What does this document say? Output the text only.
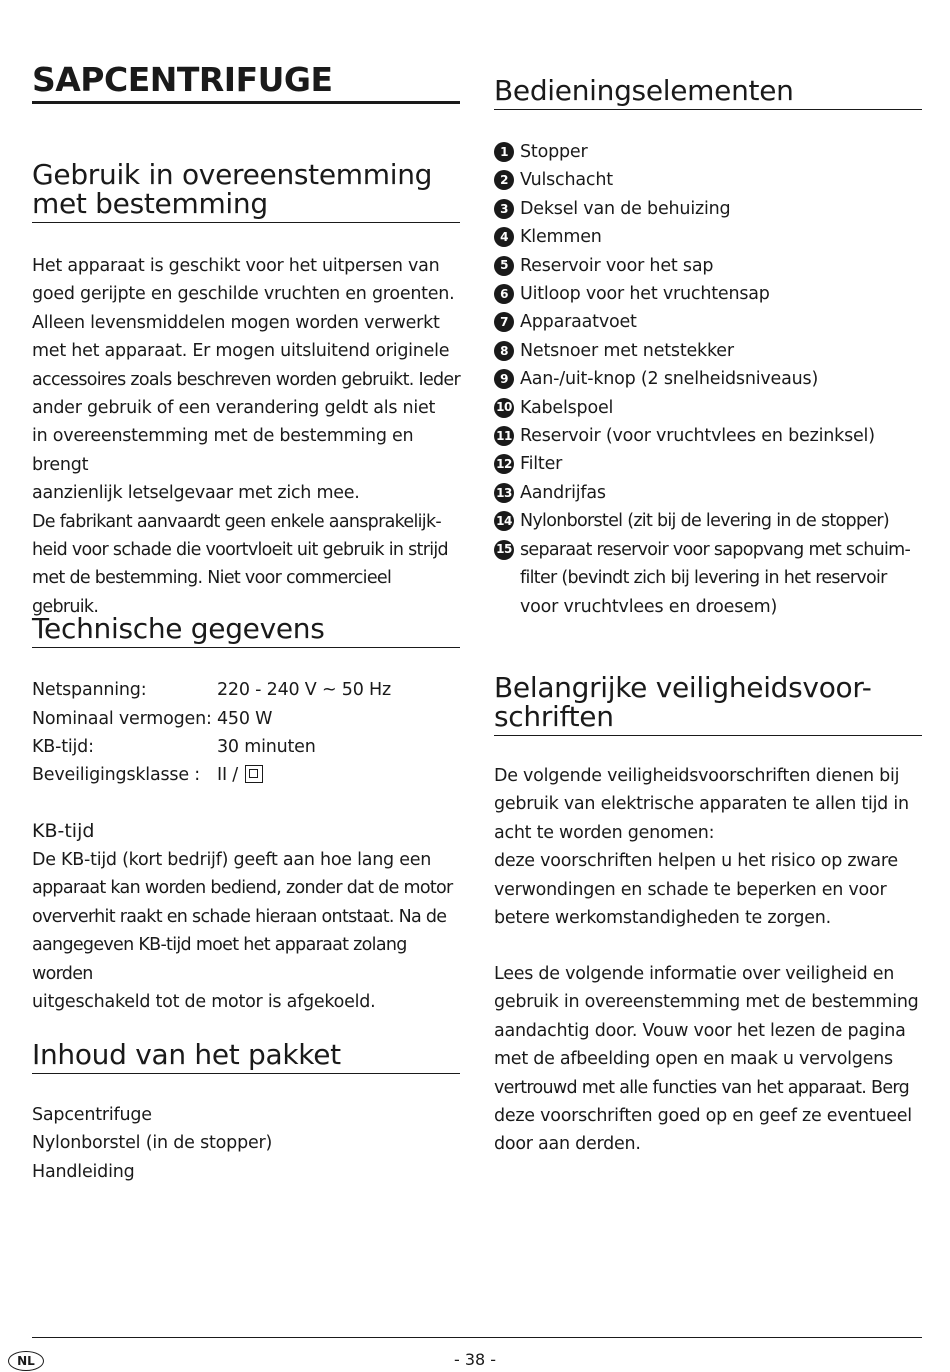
SAPCENTRIFUGE
Gebruik in overeenstemming
met bestemming
Het apparaat is geschikt voor het uitpersen van
goed gerijpte en geschilde vruchten en groenten.
Alleen levensmiddelen mogen worden verwerkt
met het apparaat. Er mogen uitsluitend originele
accessoires zoals beschreven worden gebruikt. Ieder
ander gebruik of een verandering geldt als niet
in overeenstemming met de bestemming en brengt
aanzienlijk letselgevaar met zich mee.
De fabrikant aanvaardt geen enkele aansprakelijk-
heid voor schade die voortvloeit uit gebruik in strijd
met de bestemming. Niet voor commercieel gebruik.
Technische gegevens
Netspanning:	220 - 240 V ~ 50 Hz
Nominaal vermogen: 450 W
KB-tijd:	30 minuten
Beveiligingsklasse : II /
KB-tijd
De KB-tijd (kort bedrijf) geeft aan hoe lang een
apparaat kan worden bediend, zonder dat de motor
oververhit raakt en schade hieraan ontstaat. Na de
aangegeven KB-tijd moet het apparaat zolang worden
uitgeschakeld tot de motor is afgekoeld.
Inhoud van het pakket
Sapcentrifuge
Nylonborstel (in de stopper)
Handleiding
Bedieningselementen
1 Stopper
2 Vulschacht
3 Deksel van de behuizing
4 Klemmen
5 Reservoir voor het sap
6 Uitloop voor het vruchtensap
7 Apparaatvoet
8 Netsnoer met netstekker
9 Aan-/uit-knop (2 snelheidsniveaus)
10 Kabelspoel
11 Reservoir (voor vruchtvlees en bezinksel)
12 Filter
13 Aandrijfas
14 Nylonborstel (zit bij de levering in de stopper)
15 separaat reservoir voor sapopvang met schuim-
filter (bevindt zich bij levering in het reservoir
voor vruchtvlees en droesem)
Belangrijke veiligheidsvoor-
schriften
De volgende veiligheidsvoorschriften dienen bij
gebruik van elektrische apparaten te allen tijd in
acht te worden genomen:
deze voorschriften helpen u het risico op zware
verwondingen en schade te beperken en voor
betere werkomstandigheden te zorgen.
Lees de volgende informatie over veiligheid en
gebruik in overeenstemming met de bestemming
aandachtig door. Vouw voor het lezen de pagina
met de afbeelding open en maak u vervolgens
vertrouwd met alle functies van het apparaat. Berg
deze voorschriften goed op en geef ze eventueel
door aan derden.
NL	- 38 -
